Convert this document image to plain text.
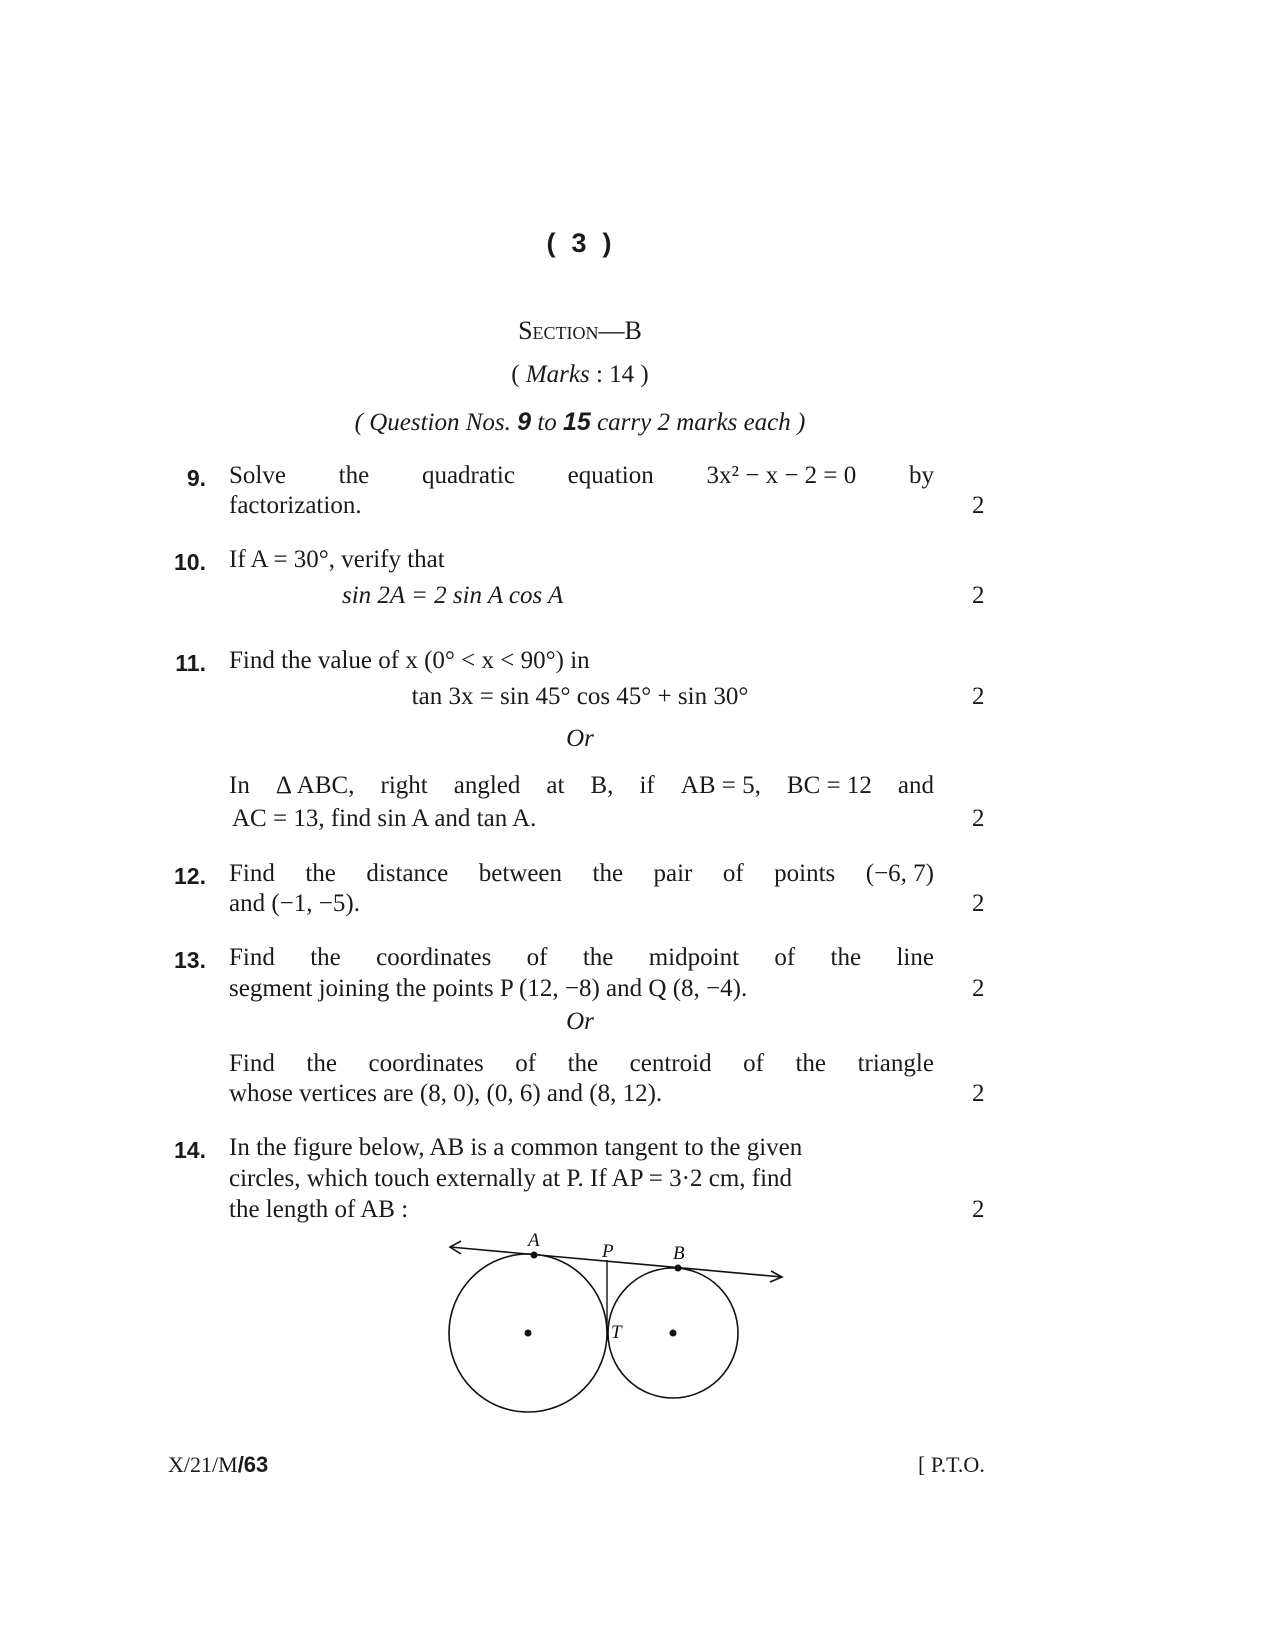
( 3 )
Section—B
( Marks : 14 )
( Question Nos. 9 to 15 carry 2 marks each )
9. Solve the quadratic equation 3x² − x − 2 = 0 by
factorization.	2
10. If A = 30°, verify that
sin 2A = 2 sin A cos A	2
11. Find the value of x (0° < x < 90°) in
tan 3x = sin 45° cos 45° + sin 30°	2
Or
In Δ ABC, right angled at B, if AB = 5, BC = 12 and
AC = 13, find sin A and tan A.	2
12. Find the distance between the pair of points (−6, 7)
and (−1, −5).	2
13. Find the coordinates of the midpoint of the line
segment joining the points P (12, −8) and Q (8, −4).	2
Or
Find the coordinates of the centroid of the triangle
whose vertices are (8, 0), (0, 6) and (8, 12).	2
14. In the figure below, AB is a common tangent to the given
circles, which touch externally at P. If AP = 3·2 cm, find
the length of AB :	2
A
P	B
T
X/21/M/63	[ P.T.O.
